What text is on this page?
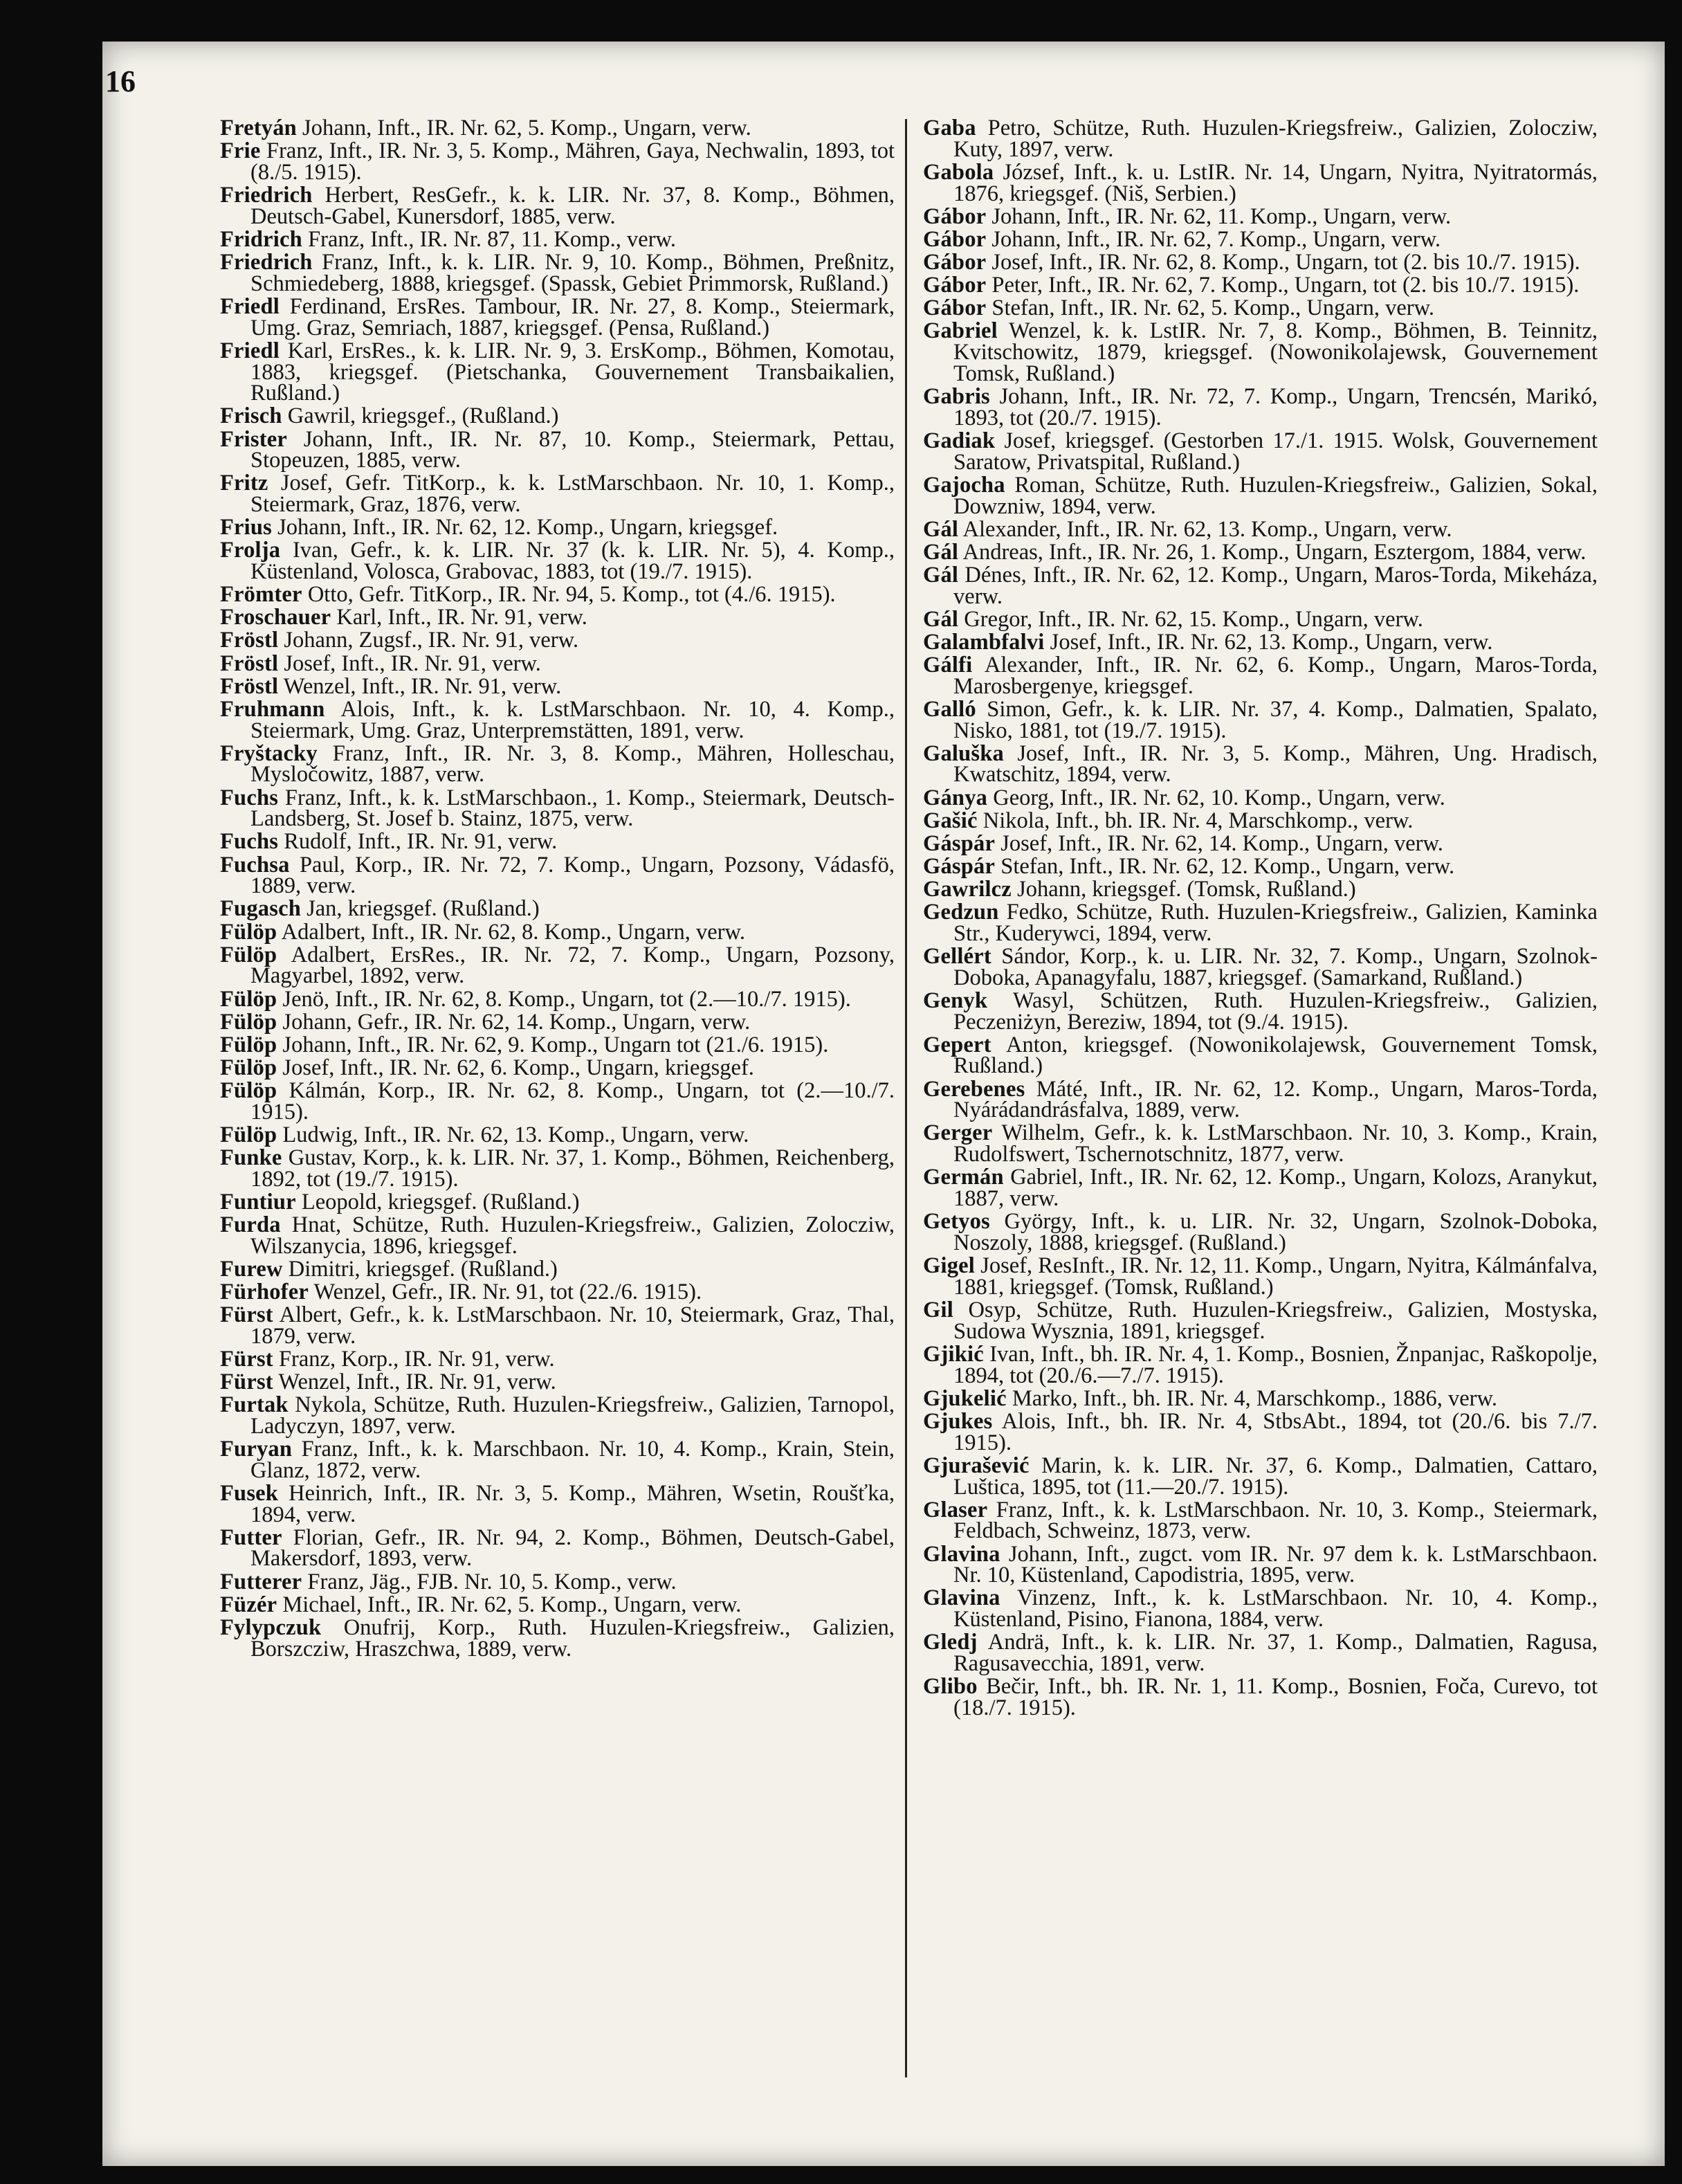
16

Fretyán Johann, Inft., IR. Nr. 62, 5. Komp., Ungarn, verw.

Frie Franz, Inft., IR. Nr. 3, 5. Komp., Mähren, Gaya, Nechwalin, 1893, tot (8./5. 1915).

Friedrich Herbert, ResGefr., k. k. LIR. Nr. 37, 8. Komp., Böhmen, Deutsch-Gabel, Kunersdorf, 1885, verw.

Fridrich Franz, Inft., IR. Nr. 87, 11. Komp., verw.

Friedrich Franz, Inft., k. k. LIR. Nr. 9, 10. Komp., Böhmen, Preßnitz, Schmiedeberg, 1888, kriegsgef. (Spassk, Gebiet Primmorsk, Rußland.)

Friedl Ferdinand, ErsRes. Tambour, IR. Nr. 27, 8. Komp., Steiermark, Umg. Graz, Semriach, 1887, kriegsgef. (Pensa, Rußland.)

Friedl Karl, ErsRes., k. k. LIR. Nr. 9, 3. ErsKomp., Böhmen, Komotau, 1883, kriegsgef. (Pietschanka, Gouvernement Transbaikalien, Rußland.)

Frisch Gawril, kriegsgef., (Rußland.)

Frister Johann, Inft., IR. Nr. 87, 10. Komp., Steiermark, Pettau, Stopeuzen, 1885, verw.

Fritz Josef, Gefr. TitKorp., k. k. LstMarschbaon. Nr. 10, 1. Komp., Steiermark, Graz, 1876, verw.

Frius Johann, Inft., IR. Nr. 62, 12. Komp., Ungarn, kriegsgef.

Frolja Ivan, Gefr., k. k. LIR. Nr. 37 (k. k. LIR. Nr. 5), 4. Komp., Küstenland, Volosca, Grabovac, 1883, tot (19./7. 1915).

Frömter Otto, Gefr. TitKorp., IR. Nr. 94, 5. Komp., tot (4./6. 1915).

Froschauer Karl, Inft., IR. Nr. 91, verw.

Fröstl Johann, Zugsf., IR. Nr. 91, verw.

Fröstl Josef, Inft., IR. Nr. 91, verw.

Fröstl Wenzel, Inft., IR. Nr. 91, verw.

Fruhmann Alois, Inft., k. k. LstMarschbaon. Nr. 10, 4. Komp., Steiermark, Umg. Graz, Unterpremstätten, 1891, verw.

Fryštacky Franz, Inft., IR. Nr. 3, 8. Komp., Mähren, Holleschau, Mysločowitz, 1887, verw.

Fuchs Franz, Inft., k. k. LstMarschbaon., 1. Komp., Steiermark, Deutsch-Landsberg, St. Josef b. Stainz, 1875, verw.

Fuchs Rudolf, Inft., IR. Nr. 91, verw.

Fuchsa Paul, Korp., IR. Nr. 72, 7. Komp., Ungarn, Pozsony, Vádasfö, 1889, verw.

Fugasch Jan, kriegsgef. (Rußland.)

Fülöp Adalbert, Inft., IR. Nr. 62, 8. Komp., Ungarn, verw.

Fülöp Adalbert, ErsRes., IR. Nr. 72, 7. Komp., Ungarn, Pozsony, Magyarbel, 1892, verw.

Fülöp Jenö, Inft., IR. Nr. 62, 8. Komp., Ungarn, tot (2.—10./7. 1915).

Fülöp Johann, Gefr., IR. Nr. 62, 14. Komp., Ungarn, verw.

Fülöp Johann, Inft., IR. Nr. 62, 9. Komp., Ungarn tot (21./6. 1915).

Fülöp Josef, Inft., IR. Nr. 62, 6. Komp., Ungarn, kriegsgef.

Fülöp Kálmán, Korp., IR. Nr. 62, 8. Komp., Ungarn, tot (2.—10./7. 1915).

Fülöp Ludwig, Inft., IR. Nr. 62, 13. Komp., Ungarn, verw.

Funke Gustav, Korp., k. k. LIR. Nr. 37, 1. Komp., Böhmen, Reichenberg, 1892, tot (19./7. 1915).

Funtiur Leopold, kriegsgef. (Rußland.)

Furda Hnat, Schütze, Ruth. Huzulen-Kriegsfreiw., Galizien, Zolocziw, Wilszanycia, 1896, kriegsgef.

Furew Dimitri, kriegsgef. (Rußland.)

Fürhofer Wenzel, Gefr., IR. Nr. 91, tot (22./6. 1915).

Fürst Albert, Gefr., k. k. LstMarschbaon. Nr. 10, Steiermark, Graz, Thal, 1879, verw.

Fürst Franz, Korp., IR. Nr. 91, verw.

Fürst Wenzel, Inft., IR. Nr. 91, verw.

Furtak Nykola, Schütze, Ruth. Huzulen-Kriegsfreiw., Galizien, Tarnopol, Ladyczyn, 1897, verw.

Furyan Franz, Inft., k. k. Marschbaon. Nr. 10, 4. Komp., Krain, Stein, Glanz, 1872, verw.

Fusek Heinrich, Inft., IR. Nr. 3, 5. Komp., Mähren, Wsetin, Roušťka, 1894, verw.

Futter Florian, Gefr., IR. Nr. 94, 2. Komp., Böhmen, Deutsch-Gabel, Makersdorf, 1893, verw.

Futterer Franz, Jäg., FJB. Nr. 10, 5. Komp., verw.

Füzér Michael, Inft., IR. Nr. 62, 5. Komp., Ungarn, verw.

Fylypczuk Onufrij, Korp., Ruth. Huzulen-Kriegsfreiw., Galizien, Borszcziw, Hraszchwa, 1889, verw.

Gaba Petro, Schütze, Ruth. Huzulen-Kriegsfreiw., Galizien, Zolocziw, Kuty, 1897, verw.

Gabola József, Inft., k. u. LstIR. Nr. 14, Ungarn, Nyitra, Nyitratormás, 1876, kriegsgef. (Niš, Serbien.)

Gábor Johann, Inft., IR. Nr. 62, 11. Komp., Ungarn, verw.

Gábor Johann, Inft., IR. Nr. 62, 7. Komp., Ungarn, verw.

Gábor Josef, Inft., IR. Nr. 62, 8. Komp., Ungarn, tot (2. bis 10./7. 1915).

Gábor Peter, Inft., IR. Nr. 62, 7. Komp., Ungarn, tot (2. bis 10./7. 1915).

Gábor Stefan, Inft., IR. Nr. 62, 5. Komp., Ungarn, verw.

Gabriel Wenzel, k. k. LstIR. Nr. 7, 8. Komp., Böhmen, B. Teinnitz, Kvitschowitz, 1879, kriegsgef. (Nowonikolajewsk, Gouvernement Tomsk, Rußland.)

Gabris Johann, Inft., IR. Nr. 72, 7. Komp., Ungarn, Trencsén, Marikó, 1893, tot (20./7. 1915).

Gadiak Josef, kriegsgef. (Gestorben 17./1. 1915. Wolsk, Gouvernement Saratow, Privatspital, Rußland.)

Gajocha Roman, Schütze, Ruth. Huzulen-Kriegsfreiw., Galizien, Sokal, Dowzniw, 1894, verw.

Gál Alexander, Inft., IR. Nr. 62, 13. Komp., Ungarn, verw.

Gál Andreas, Inft., IR. Nr. 26, 1. Komp., Ungarn, Esztergom, 1884, verw.

Gál Dénes, Inft., IR. Nr. 62, 12. Komp., Ungarn, Maros-Torda, Mikeháza, verw.

Gál Gregor, Inft., IR. Nr. 62, 15. Komp., Ungarn, verw.

Galambfalvi Josef, Inft., IR. Nr. 62, 13. Komp., Ungarn, verw.

Gálfi Alexander, Inft., IR. Nr. 62, 6. Komp., Ungarn, Maros-Torda, Marosbergenye, kriegsgef.

Galló Simon, Gefr., k. k. LIR. Nr. 37, 4. Komp., Dalmatien, Spalato, Nisko, 1881, tot (19./7. 1915).

Galuška Josef, Inft., IR. Nr. 3, 5. Komp., Mähren, Ung. Hradisch, Kwatschitz, 1894, verw.

Gánya Georg, Inft., IR. Nr. 62, 10. Komp., Ungarn, verw.

Gašić Nikola, Inft., bh. IR. Nr. 4, Marschkomp., verw.

Gáspár Josef, Inft., IR. Nr. 62, 14. Komp., Ungarn, verw.

Gáspár Stefan, Inft., IR. Nr. 62, 12. Komp., Ungarn, verw.

Gawrilcz Johann, kriegsgef. (Tomsk, Rußland.)

Gedzun Fedko, Schütze, Ruth. Huzulen-Kriegsfreiw., Galizien, Kaminka Str., Kuderywci, 1894, verw.

Gellért Sándor, Korp., k. u. LIR. Nr. 32, 7. Komp., Ungarn, Szolnok-Doboka, Apanagyfalu, 1887, kriegsgef. (Samarkand, Rußland.)

Genyk Wasyl, Schützen, Ruth. Huzulen-Kriegsfreiw., Galizien, Peczeniżyn, Bereziw, 1894, tot (9./4. 1915).

Gepert Anton, kriegsgef. (Nowonikolajewsk, Gouvernement Tomsk, Rußland.)

Gerebenes Máté, Inft., IR. Nr. 62, 12. Komp., Ungarn, Maros-Torda, Nyárádandrásfalva, 1889, verw.

Gerger Wilhelm, Gefr., k. k. LstMarschbaon. Nr. 10, 3. Komp., Krain, Rudolfswert, Tschernotschnitz, 1877, verw.

Germán Gabriel, Inft., IR. Nr. 62, 12. Komp., Ungarn, Kolozs, Aranykut, 1887, verw.

Getyos György, Inft., k. u. LIR. Nr. 32, Ungarn, Szolnok-Doboka, Noszoly, 1888, kriegsgef. (Rußland.)

Gigel Josef, ResInft., IR. Nr. 12, 11. Komp., Ungarn, Nyitra, Kálmánfalva, 1881, kriegsgef. (Tomsk, Rußland.)

Gil Osyp, Schütze, Ruth. Huzulen-Kriegsfreiw., Galizien, Mostyska, Sudowa Wysznia, 1891, kriegsgef.

Gjikić Ivan, Inft., bh. IR. Nr. 4, 1. Komp., Bosnien, Žnpanjac, Raškopolje, 1894, tot (20./6.—7./7. 1915).

Gjukelić Marko, Inft., bh. IR. Nr. 4, Marschkomp., 1886, verw.

Gjukes Alois, Inft., bh. IR. Nr. 4, StbsAbt., 1894, tot (20./6. bis 7./7. 1915).

Gjurašević Marin, k. k. LIR. Nr. 37, 6. Komp., Dalmatien, Cattaro, Luštica, 1895, tot (11.—20./7. 1915).

Glaser Franz, Inft., k. k. LstMarschbaon. Nr. 10, 3. Komp., Steiermark, Feldbach, Schweinz, 1873, verw.

Glavina Johann, Inft., zugct. vom IR. Nr. 97 dem k. k. LstMarschbaon. Nr. 10, Küstenland, Capodistria, 1895, verw.

Glavina Vinzenz, Inft., k. k. LstMarschbaon. Nr. 10, 4. Komp., Küstenland, Pisino, Fianona, 1884, verw.

Gledj Andrä, Inft., k. k. LIR. Nr. 37, 1. Komp., Dalmatien, Ragusa, Ragusavecchia, 1891, verw.

Glibo Bečir, Inft., bh. IR. Nr. 1, 11. Komp., Bosnien, Foča, Curevo, tot (18./7. 1915).
